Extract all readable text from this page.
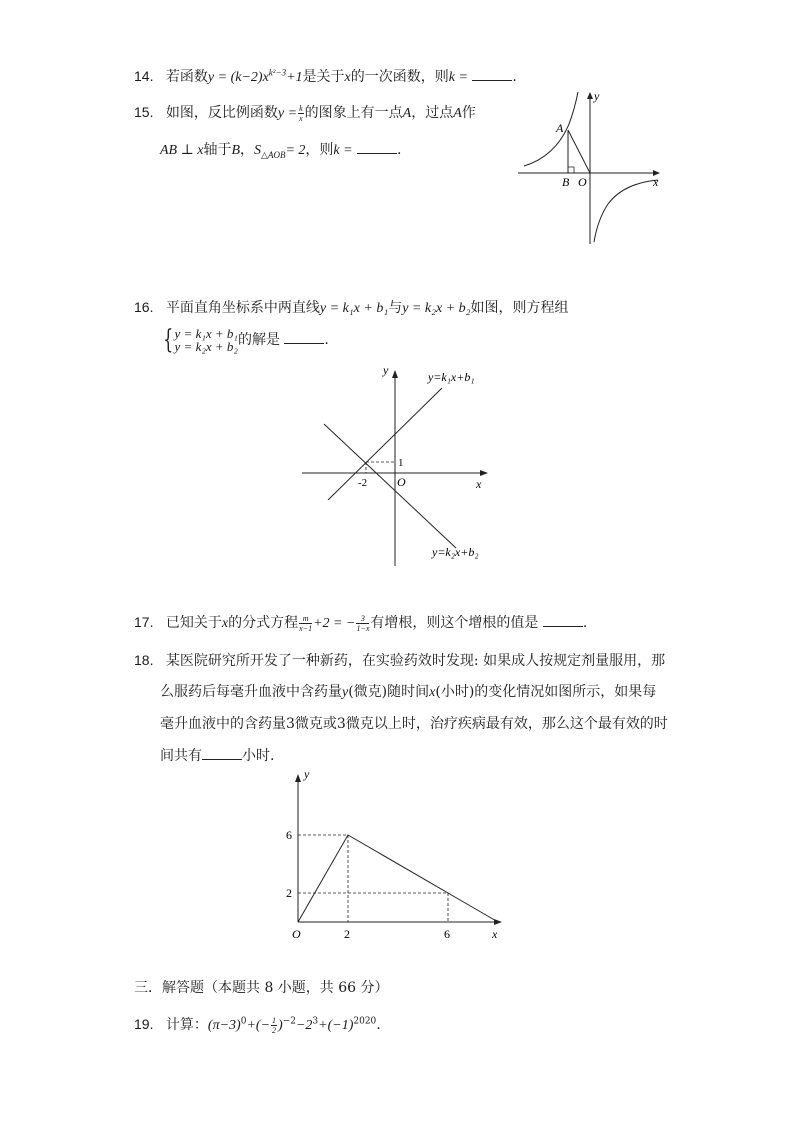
14. 若函数$y = (k-2)x^{k^2-3}+1$是关于x的一次函数，则k =	.
15. 如图，反比例函数$y = \frac{k}{x}$ 的图象上有一点A，过点A作
AB ⊥ x轴于B，$S_{\triangle AOB}= 2$，则k =	.
A
B O	x
y
16. 平面直角坐标系中两直线y = k₁x + b₁与y = k₂x + b₂如图，则方程组
{ y = k₁x + b₁
y = k₂x + b₂ 的解是	.
y	y=k₁x+b₁
y=k₂x+b₂
x
O
-2
1
17. 已知关于x的分式方程 $\frac{m}{x-1} +2$ = − $\frac{3}{1-x}$ 有增根，则这个增根的值是	.
18. 某医院研究所开发了一种新药，在实验药效时发现: 如果成人按规定剂量服用，那
么服药后每毫升血液中含药量y(微克)随时间x(小时)的变化情况如图所示，如果每
毫升血液中的含药量3微克或3微克以上时，治疗疾病最有效，那么这个最有效的时
间共有	小时.
y
x
O	2	6
6
2
三．解答题（本题共 8 小题，共 66 分）
19. 计算：$(\pi-3)^0+(- \frac{1}{2} )^{-2}-2^3+(-1)^{2020}$.
